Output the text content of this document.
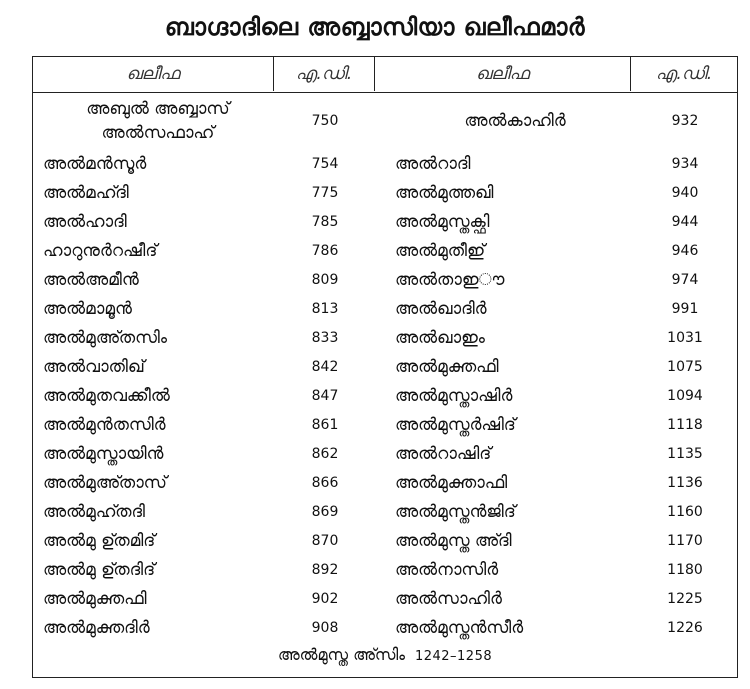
ബാഗ്ദാദിലെ അബ്ബാസിയാ ഖലീഫമാർ
ഖലീഫ	എ.ഡി.	ഖലീഫ	എ.ഡി.
അബുൽ അബ്ബാസ്
അൽസഫാഹ്
750	അൽകാഹിർ	932
അൽമൻസൂർ	754	അൽറാദി	934
അൽമഹ്ദി	775	അൽമുത്തഖി	940
അൽഹാദി	785	അൽമുസ്തക്ഫി	944
ഹാറുനുർറഷീദ്	786	അൽമുതീഇ്	946
അൽഅമീൻ	809	അൽതാഇൗ	974
അൽമാമൂൻ	813	അൽഖാദിർ	991
അൽമുഅ്തസിം	833	അൽഖാഇം	1031
അൽവാതിഖ്	842	അൽമുക്തഫി	1075
അൽമുതവക്കീൽ	847	അൽമുസ്താഷിർ	1094
അൽമുൻതസിർ	861	അൽമുസ്തർഷിദ്	1118
അൽമുസ്തായിൻ	862	അൽറാഷിദ്	1135
അൽമുഅ്താസ്	866	അൽമുക്താഫി	1136
അൽമുഹ്തദി	869	അൽമുസ്തൻജിദ്	1160
അൽമു ഉ്തമിദ്	870	അൽമുസ്ത അ്ദി	1170
അൽമു ഉ്തദിദ്	892	അൽനാസിർ	1180
അൽമുക്തഫി	902	അൽസാഹിർ	1225
അൽമുക്തദിർ	908	അൽമുസ്തൻസീർ	1226
അൽമുസ്ത അ്സിം 1242–1258
